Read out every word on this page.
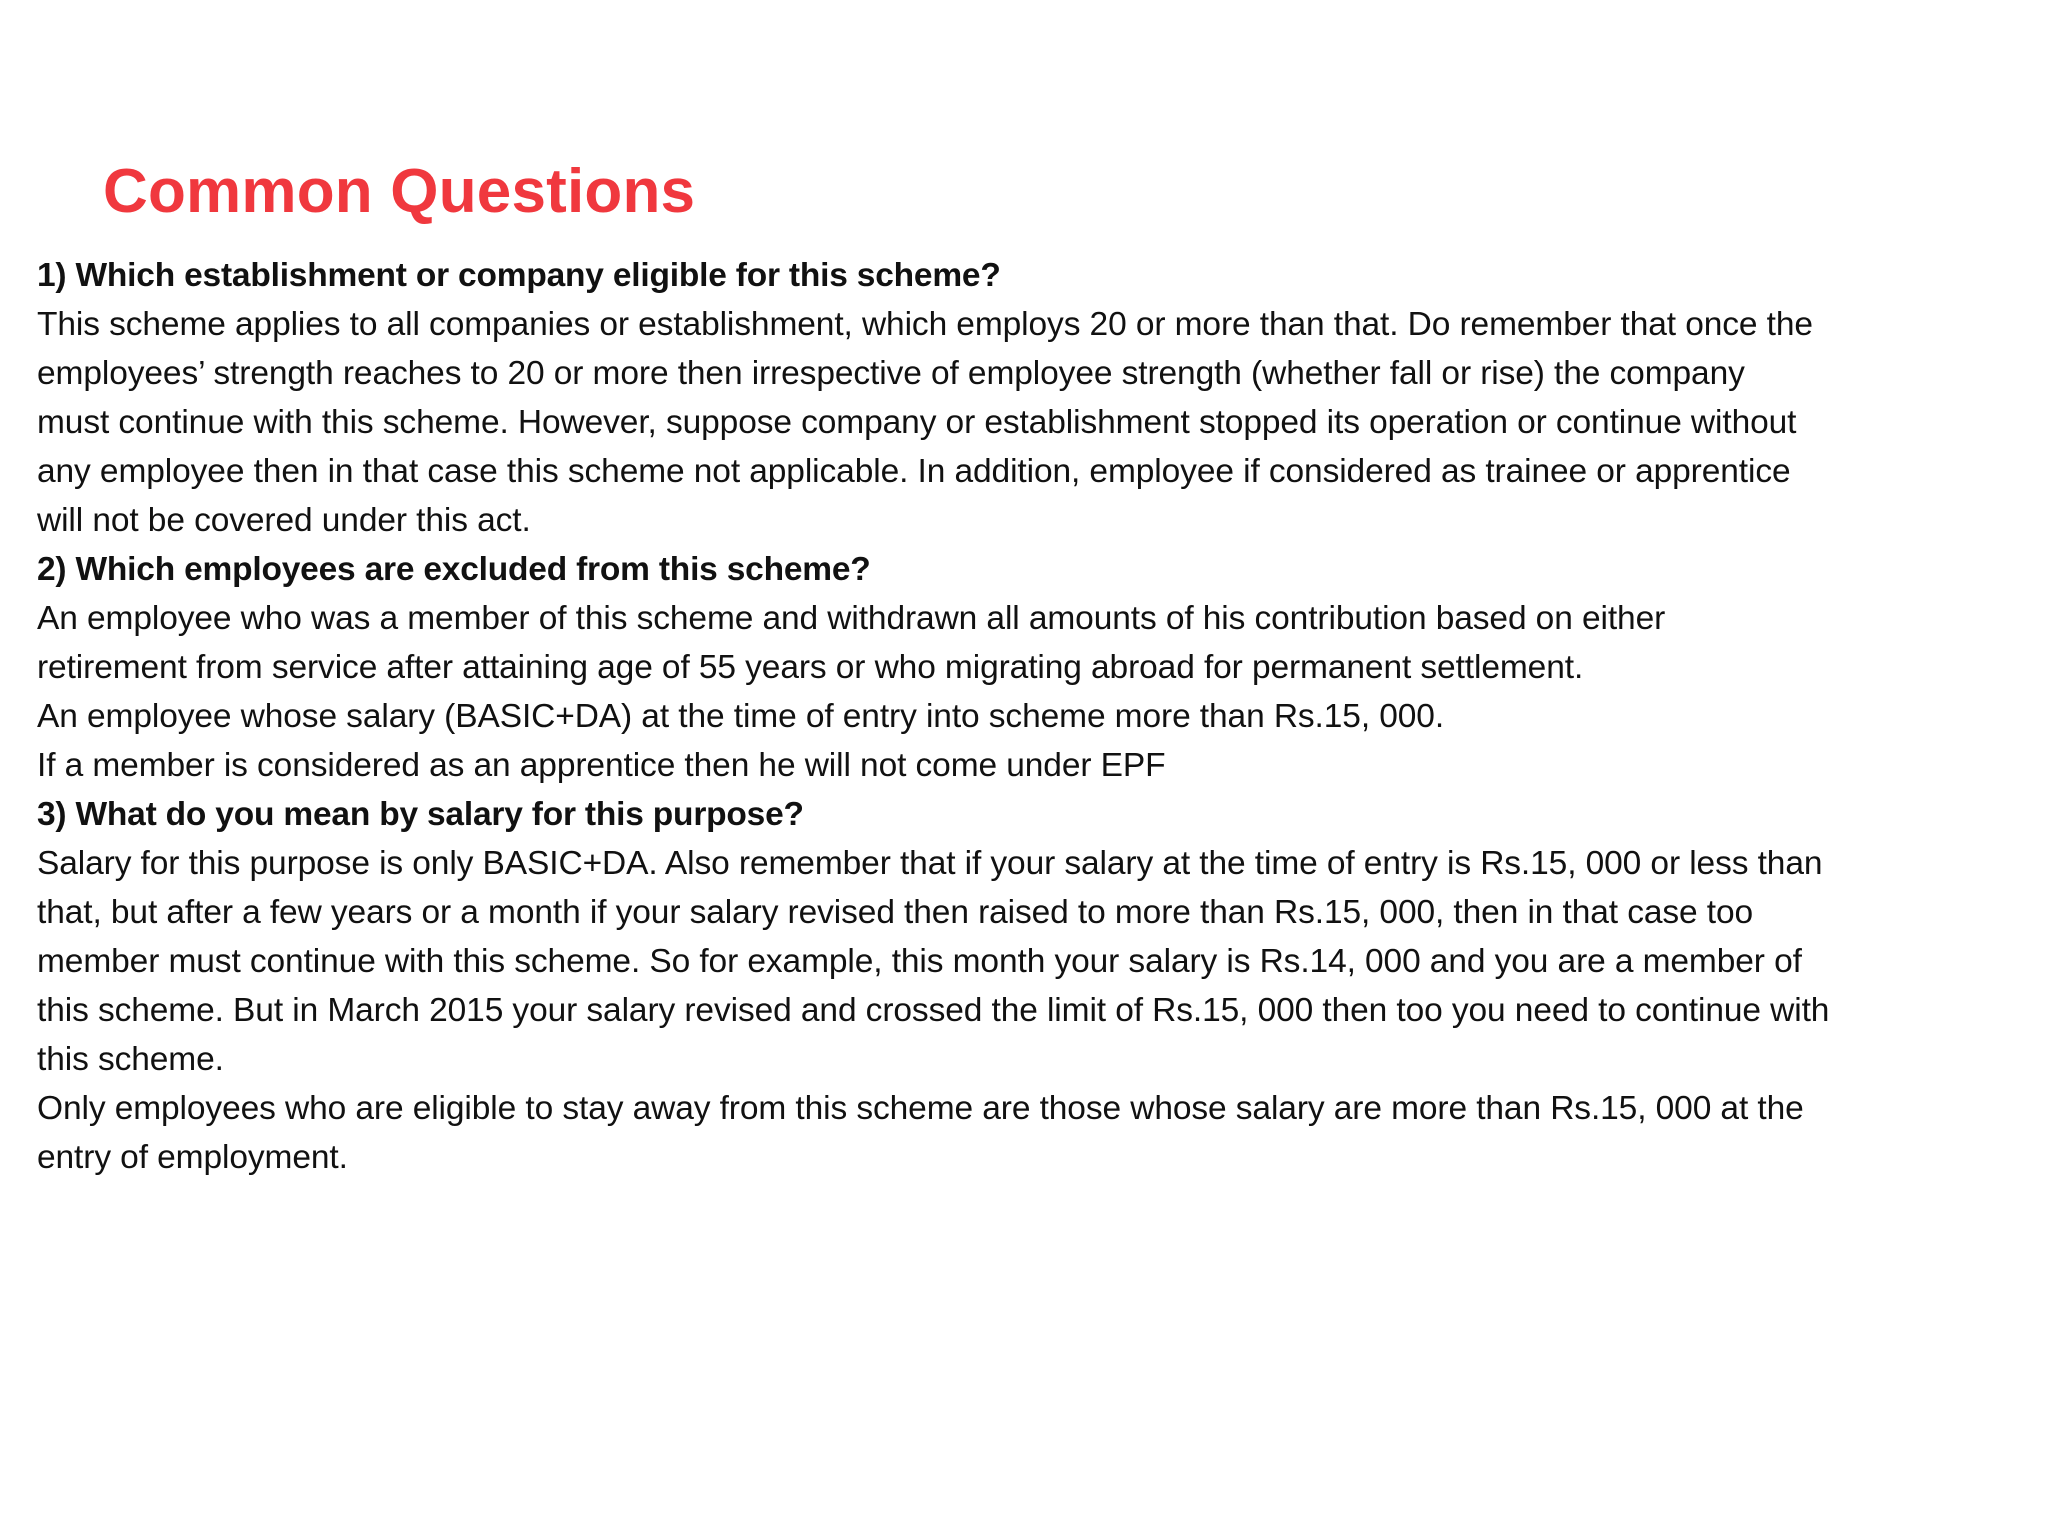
Common Questions
1) Which establishment or company eligible for this scheme?
This scheme applies to all companies or establishment, which employs 20 or more than that. Do remember that once the
employees’ strength reaches to 20 or more then irrespective of employee strength (whether fall or rise) the company
must continue with this scheme. However, suppose company or establishment stopped its operation or continue without
any employee then in that case this scheme not applicable. In addition, employee if considered as trainee or apprentice
will not be covered under this act.
2) Which employees are excluded from this scheme?
An employee who was a member of this scheme and withdrawn all amounts of his contribution based on either
retirement from service after attaining age of 55 years or who migrating abroad for permanent settlement.
An employee whose salary (BASIC+DA) at the time of entry into scheme more than Rs.15, 000.
If a member is considered as an apprentice then he will not come under EPF
3) What do you mean by salary for this purpose?
Salary for this purpose is only BASIC+DA. Also remember that if your salary at the time of entry is Rs.15, 000 or less than
that, but after a few years or a month if your salary revised then raised to more than Rs.15, 000, then in that case too
member must continue with this scheme. So for example, this month your salary is Rs.14, 000 and you are a member of
this scheme. But in March 2015 your salary revised and crossed the limit of Rs.15, 000 then too you need to continue with
this scheme.
Only employees who are eligible to stay away from this scheme are those whose salary are more than Rs.15, 000 at the
entry of employment.
